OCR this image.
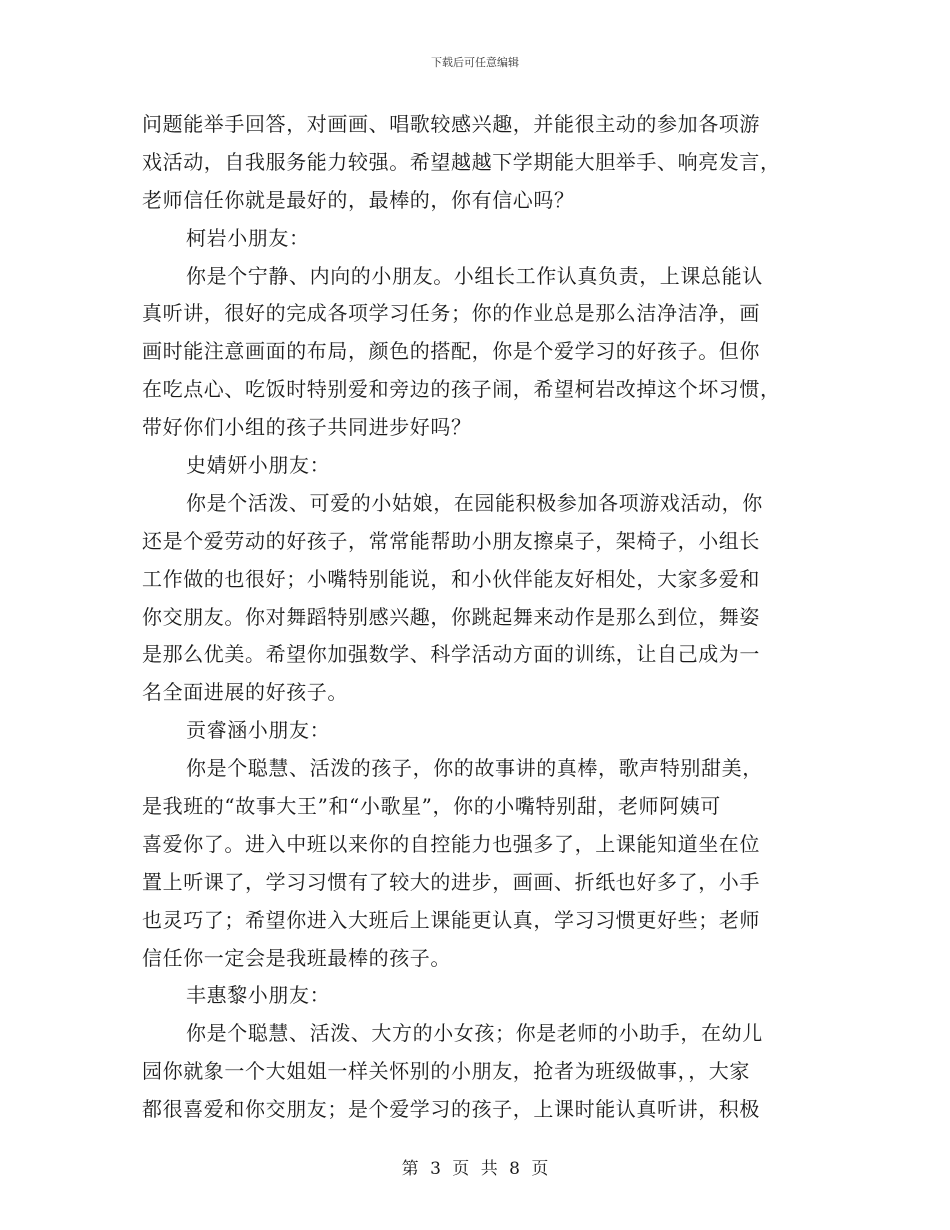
下载后可任意编辑
问题能举手回答，对画画、唱歌较感兴趣，并能很主动的参加各项游
戏活动，自我服务能力较强。希望越越下学期能大胆举手、响亮发言，
老师信任你就是最好的，最棒的，你有信心吗？
柯岩小朋友：
你是个宁静、内向的小朋友。小组长工作认真负责，上课总能认
真听讲，很好的完成各项学习任务；你的作业总是那么洁净洁净，画
画时能注意画面的布局，颜色的搭配，你是个爱学习的好孩子。但你
在吃点心、吃饭时特别爱和旁边的孩子闹，希望柯岩改掉这个坏习惯，
带好你们小组的孩子共同进步好吗？
史婧妍小朋友：
你是个活泼、可爱的小姑娘，在园能积极参加各项游戏活动，你
还是个爱劳动的好孩子，常常能帮助小朋友擦桌子，架椅子，小组长
工作做的也很好；小嘴特别能说，和小伙伴能友好相处，大家多爱和
你交朋友。你对舞蹈特别感兴趣，你跳起舞来动作是那么到位，舞姿
是那么优美。希望你加强数学、科学活动方面的训练，让自己成为一
名全面进展的好孩子。
贡睿涵小朋友：
你是个聪慧、活泼的孩子，你的故事讲的真棒，歌声特别甜美，
是我班的“故事大王”和“小歌星”，你的小嘴特别甜，老师阿姨可
喜爱你了。进入中班以来你的自控能力也强多了，上课能知道坐在位
置上听课了，学习习惯有了较大的进步，画画、折纸也好多了，小手
也灵巧了；希望你进入大班后上课能更认真，学习习惯更好些；老师
信任你一定会是我班最棒的孩子。
丰惠黎小朋友：
你是个聪慧、活泼、大方的小女孩；你是老师的小助手，在幼儿
园你就象一个大姐姐一样关怀别的小朋友，抢者为班级做事，，大家
都很喜爱和你交朋友；是个爱学习的孩子，上课时能认真听讲，积极
第 3 页 共 8 页
